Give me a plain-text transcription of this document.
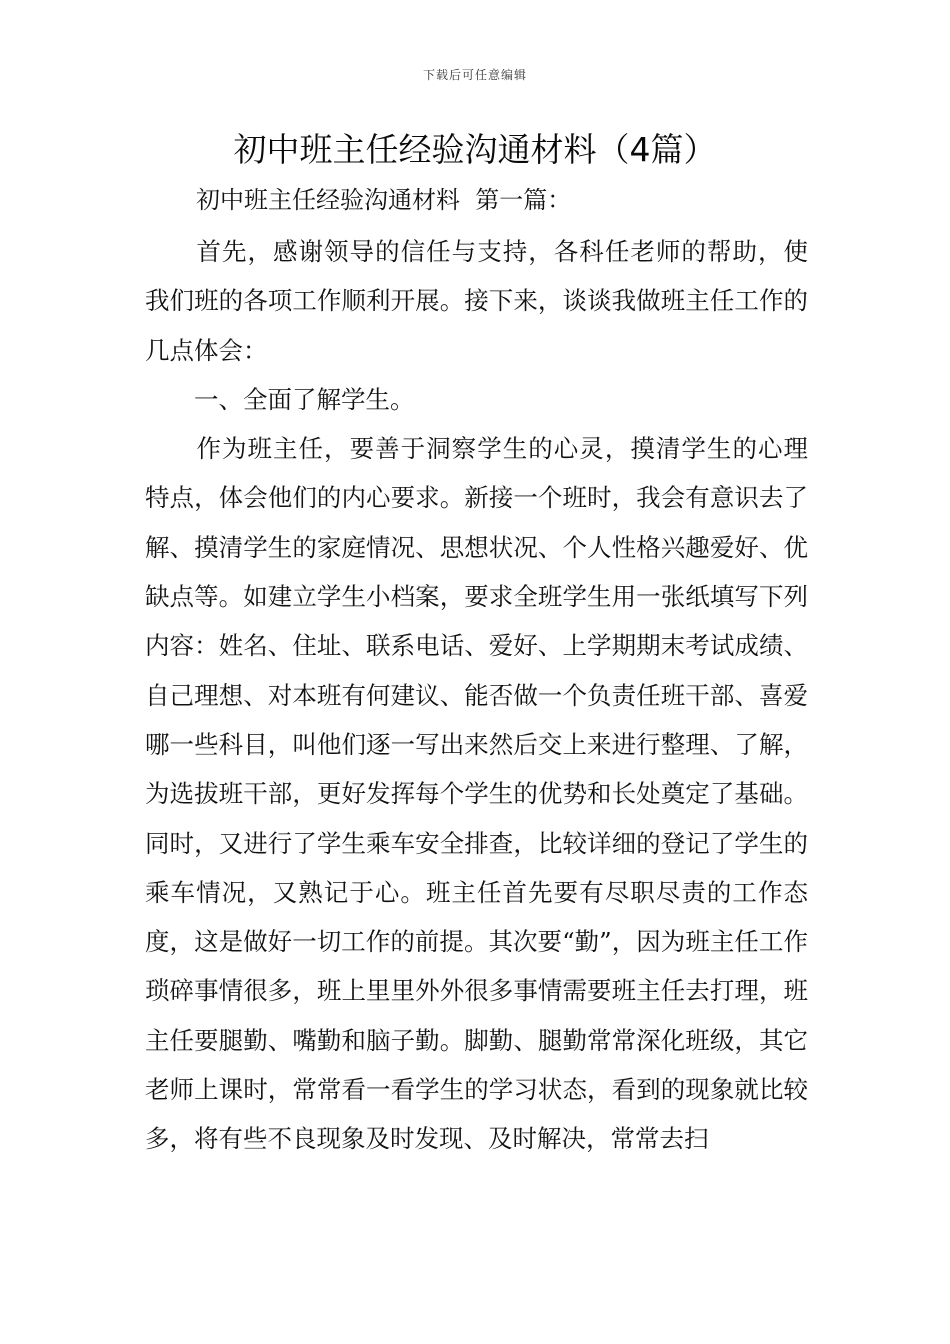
下载后可任意编辑
初中班主任经验沟通材料（4篇）
初中班主任经验沟通材料  第一篇：

首先，感谢领导的信任与支持，各科任老师的帮助，使我们班的各项工作顺利开展。接下来，谈谈我做班主任工作的几点体会：

一、全面了解学生。

作为班主任，要善于洞察学生的心灵，摸清学生的心理特点，体会他们的内心要求。新接一个班时，我会有意识去了解、摸清学生的家庭情况、思想状况、个人性格兴趣爱好、优缺点等。如建立学生小档案，要求全班学生用一张纸填写下列内容：姓名、住址、联系电话、爱好、上学期期末考试成绩、自己理想、对本班有何建议、能否做一个负责任班干部、喜爱哪一些科目，叫他们逐一写出来然后交上来进行整理、了解，为选拔班干部，更好发挥每个学生的优势和长处奠定了基础。同时，又进行了学生乘车安全排查，比较详细的登记了学生的乘车情况，又熟记于心。班主任首先要有尽职尽责的工作态度，这是做好一切工作的前提。其次要“勤”，因为班主任工作琐碎事情很多，班上里里外外很多事情需要班主任去打理，班主任要腿勤、嘴勤和脑子勤。脚勤、腿勤常常深化班级，其它老师上课时，常常看一看学生的学习状态，看到的现象就比较多，将有些不良现象及时发现、及时解决，常常去扫
